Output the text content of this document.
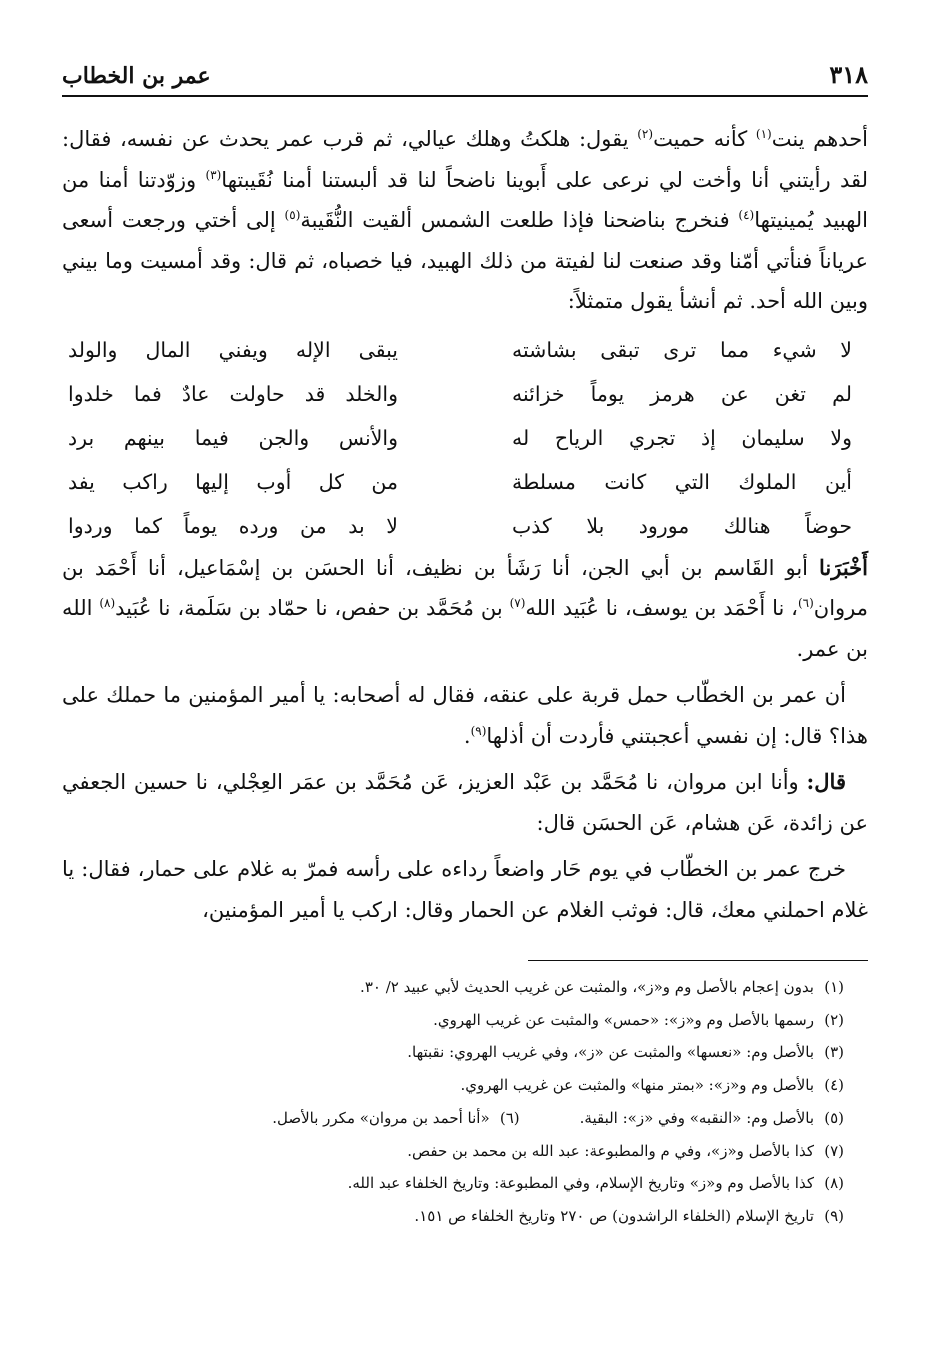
٣١٨
عمر بن الخطاب

أحدهم ينت$^{(١)}$ كأنه حميت$^{(٢)}$ يقول: هلكتُ وهلك عيالي، ثم قرب عمر يحدث عن نفسه، فقال: لقد رأيتني أنا وأخت لي نرعى على أَبوينا ناضحاً لنا قد ألبستنا أمنا نُقَيبتها$^{(٣)}$ وزوّدتنا أمنا من الهبيد يُمينيتها$^{(٤)}$ فنخرج بناضحنا فإذا طلعت الشمس ألقيت النُّقَيبة$^{(٥)}$ إلى أختي ورجعت أسعى عرياناً فنأتي أمّنا وقد صنعت لنا لفيتة من ذلك الهبيد، فيا خصباه، ثم قال: وقد أمسيت وما بيني وبين الله أحد. ثم أنشأ يقول متمثلاً:

لا شيء مما ترى تبقى بشاشته
يبقى الإله ويفني المال والولد
لم تغن عن هرمز يوماً خزائنه
والخلد قد حاولت عادٌ فما خلدوا
ولا سليمان إذ تجري الرياح له
والأنس والجن فيما بينهم برد
أين الملوك التي كانت مسلطة
من كل أوب إليها راكب يفد
حوضاً هنالك مورود بلا كذب
لا بد من ورده يوماً كما وردوا

أَخْبَرَنا أبو القَاسم بن أبي الجن، أنا رَشَأ بن نظيف، أنا الحسَن بن إسْمَاعيل، أنا أَحْمَد بن مروان$^{(٦)}$، نا أَحْمَد بن يوسف، نا عُبَيد الله$^{(٧)}$ بن مُحَمَّد بن حفص، نا حمّاد بن سَلَمة، نا عُبَيد$^{(٨)}$ الله بن عمر.

أن عمر بن الخطّاب حمل قربة على عنقه، فقال له أصحابه: يا أمير المؤمنين ما حملك على هذا؟ قال: إن نفسي أعجبتني فأردت أن أذلها$^{(٩)}$.

قال: وأنا ابن مروان، نا مُحَمَّد بن عَبْد العزيز، عَن مُحَمَّد بن عمَر العِجْلي، نا حسين الجعفي عن زائدة، عَن هشام، عَن الحسَن قال:

خرج عمر بن الخطّاب في يوم حَار واضعاً رداءه على رأسه فمرّ به غلام على حمار، فقال: يا غلام احملني معك، قال: فوثب الغلام عن الحمار وقال: اركب يا أمير المؤمنين،

(١)بدون إعجام بالأصل وم و«ز»، والمثبت عن غريب الحديث لأبي عبيد ٢/ ٣٠.
(٢)رسمها بالأصل وم و«ز»: «حمس» والمثبت عن غريب الهروي.
(٣)بالأصل وم: «نعسها» والمثبت عن «ز»، وفي غريب الهروي: نقبتها.
(٤)بالأصل وم و«ز»: «بمتر منها» والمثبت عن غريب الهروي.
(٥)بالأصل وم: «النقبه» وفي «ز»: البقية.(٦)«أنا أحمد بن مروان» مكرر بالأصل.
(٧)كذا بالأصل و«ز»، وفي م والمطبوعة: عبد الله بن محمد بن حفص.
(٨)كذا بالأصل وم و«ز» وتاريخ الإسلام، وفي المطبوعة: وتاريخ الخلفاء عبد الله.
(٩)تاريخ الإسلام (الخلفاء الراشدون) ص ٢٧٠ وتاريخ الخلفاء ص ١٥١.
